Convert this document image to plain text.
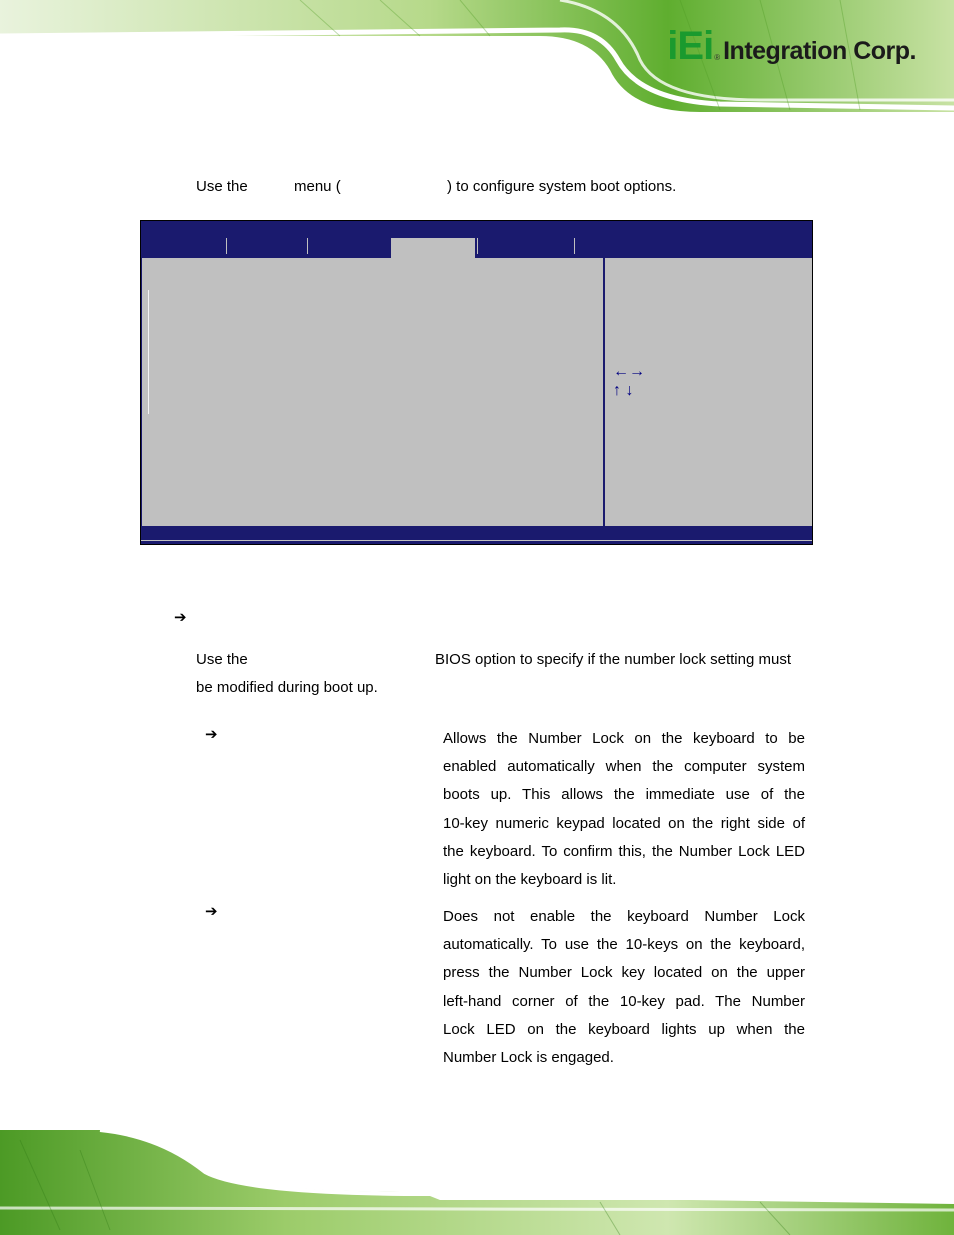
iEi ® Integration Corp.
Use the	menu (	) to configure system boot options.
←→
↑ ↓
➔
Use the	BIOS option to specify if the number lock setting must
be modified during boot up.
➔	Allows the Number Lock on the keyboard to be
enabled automatically when the computer system
boots up. This allows the immediate use of the
10-key numeric keypad located on the right side of
the keyboard. To confirm this, the Number Lock LED
light on the keyboard is lit.
➔	Does not enable the keyboard Number Lock
automatically. To use the 10-keys on the keyboard,
press the Number Lock key located on the upper
left-hand corner of the 10-key pad. The Number
Lock LED on the keyboard lights up when the
Number Lock is engaged.
